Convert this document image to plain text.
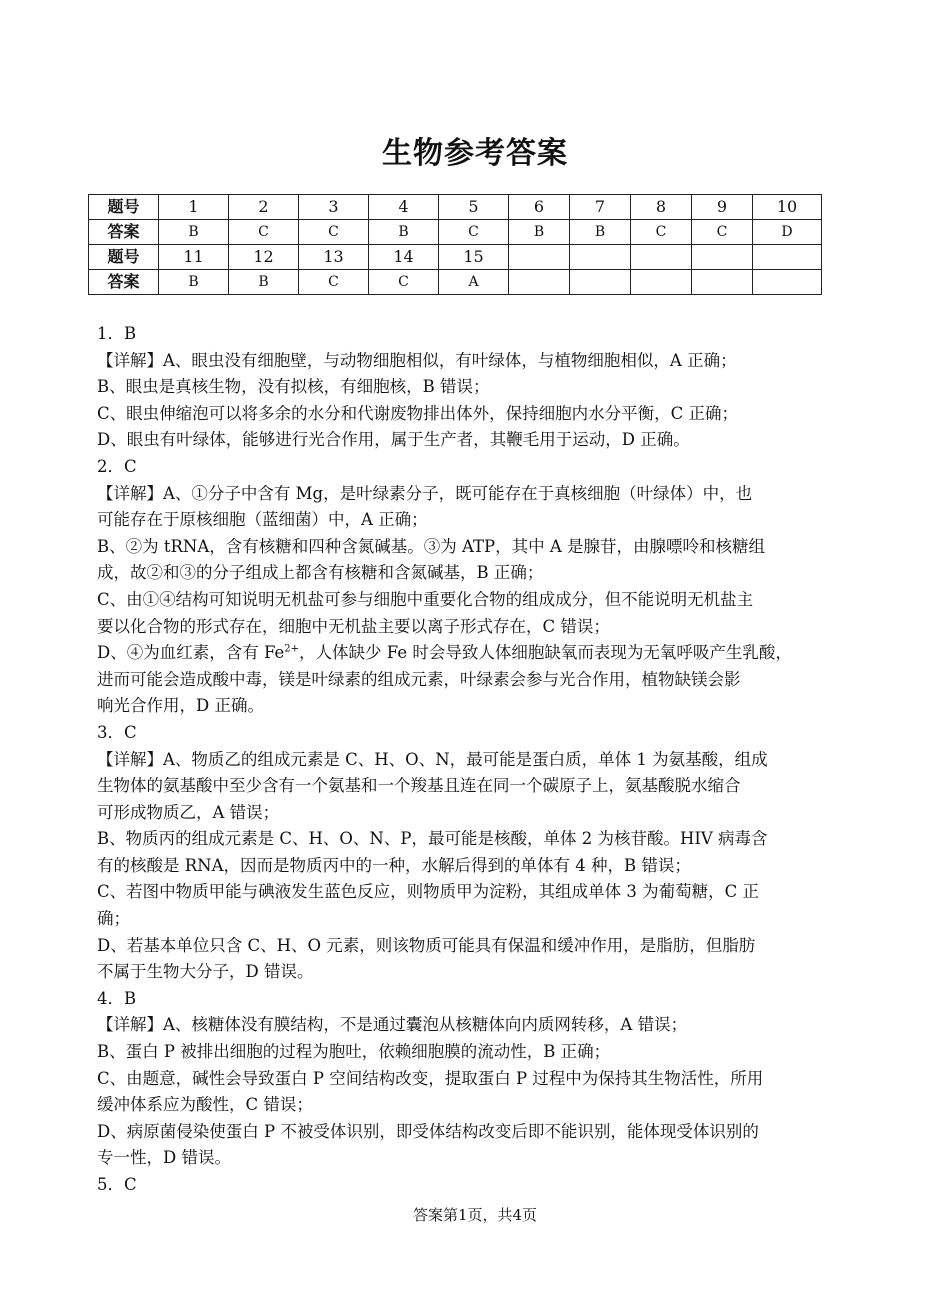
生物参考答案
题号	1	2	3	4	5	6	7	8	9	10
答案	B	C	C	B	C	B	B	C	C	D
题号	11	12	13	14	15					
答案	B	B	C	C	A					
1．B
【详解】A、眼虫没有细胞壁，与动物细胞相似，有叶绿体，与植物细胞相似，A 正确；
B、眼虫是真核生物，没有拟核，有细胞核，B 错误；
C、眼虫伸缩泡可以将多余的水分和代谢废物排出体外，保持细胞内水分平衡，C 正确；
D、眼虫有叶绿体，能够进行光合作用，属于生产者，其鞭毛用于运动，D 正确。
2．C
【详解】A、①分子中含有 Mg，是叶绿素分子，既可能存在于真核细胞（叶绿体）中，也
可能存在于原核细胞（蓝细菌）中，A 正确；
B、②为 tRNA，含有核糖和四种含氮碱基。③为 ATP，其中 A 是腺苷，由腺嘌呤和核糖组
成，故②和③的分子组成上都含有核糖和含氮碱基，B 正确；
C、由①④结构可知说明无机盐可参与细胞中重要化合物的组成成分，但不能说明无机盐主
要以化合物的形式存在，细胞中无机盐主要以离子形式存在，C 错误；
D、④为血红素，含有 $Fe^{2+}$，人体缺少 Fe 时会导致人体细胞缺氧而表现为无氧呼吸产生乳酸，
进而可能会造成酸中毒，镁是叶绿素的组成元素，叶绿素会参与光合作用，植物缺镁会影
响光合作用，D 正确。
3．C
【详解】A、物质乙的组成元素是 C、H、O、N，最可能是蛋白质，单体 1 为氨基酸，组成
生物体的氨基酸中至少含有一个氨基和一个羧基且连在同一个碳原子上，氨基酸脱水缩合
可形成物质乙，A 错误；
B、物质丙的组成元素是 C、H、O、N、P，最可能是核酸，单体 2 为核苷酸。HIV 病毒含
有的核酸是 RNA，因而是物质丙中的一种，水解后得到的单体有 4 种，B 错误；
C、若图中物质甲能与碘液发生蓝色反应，则物质甲为淀粉，其组成单体 3 为葡萄糖，C 正
确；
D、若基本单位只含 C、H、O 元素，则该物质可能具有保温和缓冲作用，是脂肪，但脂肪
不属于生物大分子，D 错误。
4．B
【详解】A、核糖体没有膜结构，不是通过囊泡从核糖体向内质网转移，A 错误；
B、蛋白 P 被排出细胞的过程为胞吐，依赖细胞膜的流动性，B 正确；
C、由题意，碱性会导致蛋白 P 空间结构改变，提取蛋白 P 过程中为保持其生物活性，所用
缓冲体系应为酸性，C 错误；
D、病原菌侵染使蛋白 P 不被受体识别，即受体结构改变后即不能识别，能体现受体识别的
专一性，D 错误。
5．C
答案第1页，共4页
